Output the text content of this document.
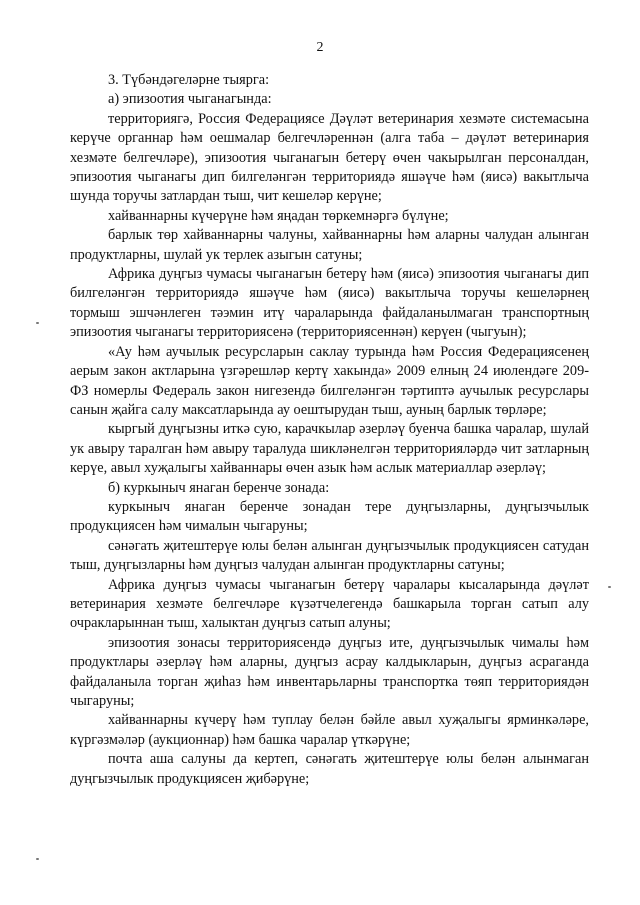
2

3. Түбәндәгеләрне тыярга:

а) эпизоотия чыганагында:

территориягә, Россия Федерациясе Дәүләт ветеринария хезмәте системасына керүче органнар һәм оешмалар белгечләреннән (алга таба – дәүләт ветеринария хезмәте белгечләре), эпизоотия чыганагын бетерү өчен чакырылган персоналдан, эпизоотия чыганагы дип билгеләнгән территориядә яшәүче һәм (яисә) вакытлыча шунда торучы затлардан тыш, чит кешеләр керүне;

хайваннарны күчерүне һәм яңадан төркемнәргә бүлүне;

барлык төр хайваннарны чалуны, хайваннарны һәм аларны чалудан алынган продуктларны, шулай ук терлек азыгын сатуны;

Африка дуңгыз чумасы чыганагын бетерү һәм (яисә) эпизоотия чыганагы дип билгеләнгән территориядә яшәүче һәм (яисә) вакытлыча торучы кешеләрнең тормыш эшчәнлеген тәэмин итү чараларында файдаланылмаган транспортның эпизоотия чыганагы территориясенә (территориясеннән) керүен (чыгуын);

«Ау һәм аучылык ресурсларын саклау турында һәм Россия Федерациясенең аерым закон актларына үзгәрешләр кертү хакында» 2009 елның 24 июлендәге 209-ФЗ номерлы Федераль закон нигезендә билгеләнгән тәртиптә аучылык ресурслары санын җайга салу максатларында ау оештырудан тыш, ауның барлык төрләре;

кыргый дуңгызны иткә сую, карачкылар әзерләү буенча башка чаралар, шулай ук авыру таралган һәм авыру таралуда шикләнелгән территорияләрдә чит затларның керүе, авыл хуҗалыгы хайваннары өчен азык һәм аслык материаллар әзерләү;

б) куркыныч янаган беренче зонада:

куркыныч янаган беренче зонадан тере дуңгызларны, дуңгызчылык продукциясен һәм чималын чыгаруны;

сәнәгать җитештерүе юлы белән алынган дуңгызчылык продукциясен сатудан тыш, дуңгызларны һәм дуңгыз чалудан алынган продуктларны сатуны;

Африка дуңгыз чумасы чыганагын бетерү чаралары кысаларында дәүләт ветеринария хезмәте белгечләре күзәтчелегендә башкарыла торган сатып алу очракларыннан тыш, халыктан дуңгыз сатып алуны;

эпизоотия зонасы территориясендә дуңгыз ите, дуңгызчылык чималы һәм продуктлары әзерләү һәм аларны, дуңгыз асрау калдыкларын, дуңгыз асраганда файдаланыла торган җиһаз һәм инвентарьларны транспортка төяп территориядән чыгаруны;

хайваннарны күчерү һәм туплау белән бәйле авыл хуҗалыгы ярминкәләре, күргәзмәләр (аукционнар) һәм башка чаралар үткәрүне;

почта аша салуны да кертеп, сәнәгать җитештерүе юлы белән алынмаган дуңгызчылык продукциясен җибәрүне;
